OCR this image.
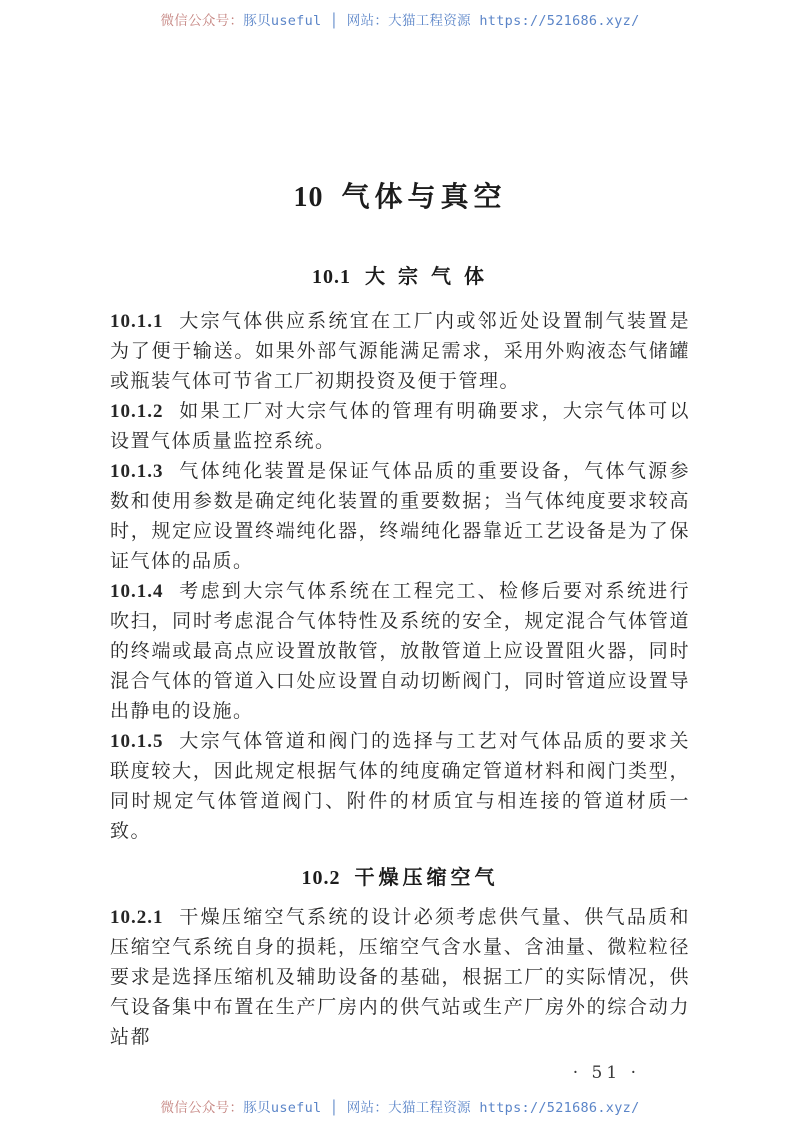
微信公众号：豚贝useful │ 网站：大猫工程资源 https://521686.xyz/
10 气体与真空
10.1 大 宗 气 体

10.1.1 大宗气体供应系统宜在工厂内或邻近处设置制气装置是为了便于输送。如果外部气源能满足需求，采用外购液态气储罐或瓶装气体可节省工厂初期投资及便于管理。

10.1.2 如果工厂对大宗气体的管理有明确要求，大宗气体可以设置气体质量监控系统。

10.1.3 气体纯化装置是保证气体品质的重要设备，气体气源参数和使用参数是确定纯化装置的重要数据；当气体纯度要求较高时，规定应设置终端纯化器，终端纯化器靠近工艺设备是为了保证气体的品质。

10.1.4 考虑到大宗气体系统在工程完工、检修后要对系统进行吹扫，同时考虑混合气体特性及系统的安全，规定混合气体管道的终端或最高点应设置放散管，放散管道上应设置阻火器，同时混合气体的管道入口处应设置自动切断阀门，同时管道应设置导出静电的设施。

10.1.5 大宗气体管道和阀门的选择与工艺对气体品质的要求关联度较大，因此规定根据气体的纯度确定管道材料和阀门类型，同时规定气体管道阀门、附件的材质宜与相连接的管道材质一致。

10.2 干燥压缩空气

10.2.1 干燥压缩空气系统的设计必须考虑供气量、供气品质和压缩空气系统自身的损耗，压缩空气含水量、含油量、微粒粒径要求是选择压缩机及辅助设备的基础，根据工厂的实际情况，供气设备集中布置在生产厂房内的供气站或生产厂房外的综合动力站都

· 51 ·
微信公众号：豚贝useful │ 网站：大猫工程资源 https://521686.xyz/
